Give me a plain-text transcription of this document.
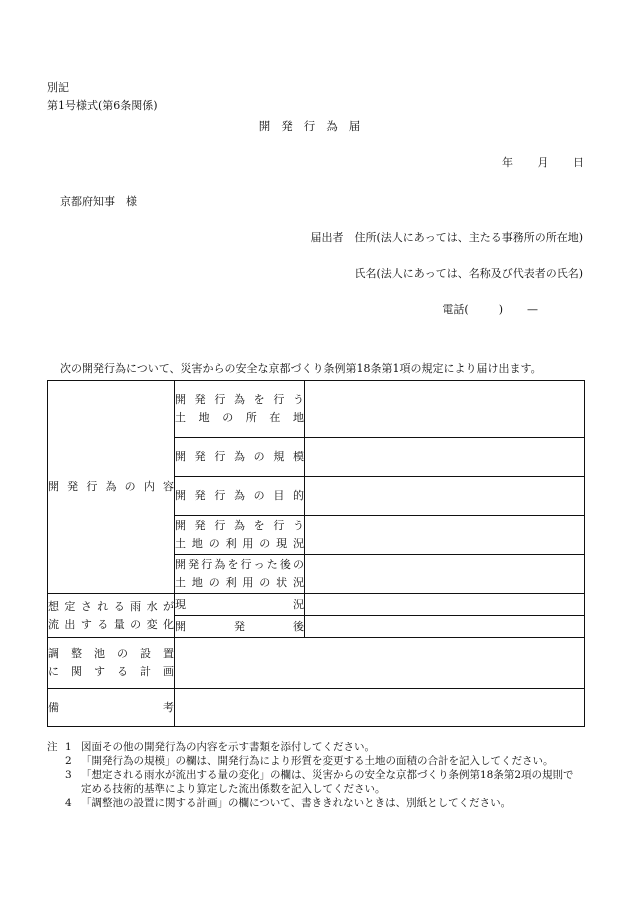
別記
第1号様式(第6条関係)
開発行為届
年 月 日
京都府知事　様
届出者　住所(法人にあっては、主たる事務所の所在地)
氏名(法人にあっては、名称及び代表者の氏名)
電話(	) —
次の開発行為について、災害からの安全な京都づくり条例第18条第1項の規定により届け出ます。
開発行為の内容	開発行為を行う
土地の所在地	

	開発行為の規模	

	開発行為の目的	

	開発行為を行う
土地の利用の現況	

	開発行為を行った後の
土地の利用の状況	

想定される雨水が
流出する量の変化	現況	

	開発後	

調整池の設置
に関する計画		

備考		

注 1 図面その他の開発行為の内容を示す書類を添付してください。
2 「開発行為の規模」の欄は、開発行為により形質を変更する土地の面積の合計を記入してください。
3 「想定される雨水が流出する量の変化」の欄は、災害からの安全な京都づくり条例第18条第2項の規則で定める技術的基準により算定した流出係数を記入してください。
4 「調整池の設置に関する計画」の欄について、書ききれないときは、別紙としてください。
